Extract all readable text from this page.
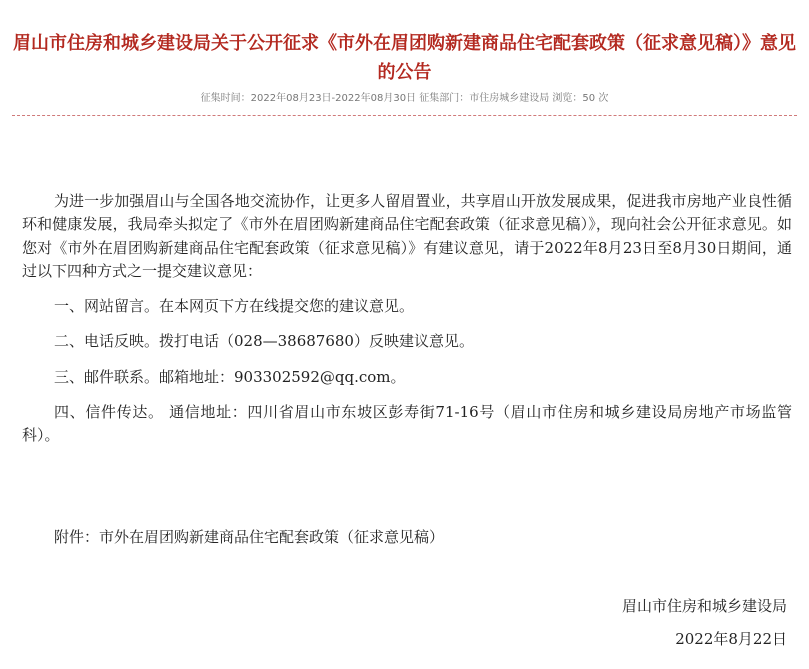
眉山市住房和城乡建设局关于公开征求《市外在眉团购新建商品住宅配套政策（征求意见稿）》意见的公告
征集时间：2022年08月23日-2022年08月30日 征集部门：市住房城乡建设局 浏览：50 次

为进一步加强眉山与全国各地交流协作，让更多人留眉置业，共享眉山开放发展成果，促进我市房地产业良性循环和健康发展，我局牵头拟定了《市外在眉团购新建商品住宅配套政策（征求意见稿）》，现向社会公开征求意见。如您对《市外在眉团购新建商品住宅配套政策（征求意见稿）》有建议意见，请于2022年8月23日至8月30日期间，通过以下四种方式之一提交建议意见：

一、网站留言。在本网页下方在线提交您的建议意见。

二、电话反映。拨打电话（028—38687680）反映建议意见。

三、邮件联系。邮箱地址：903302592@qq.com。

四、信件传达。 通信地址：四川省眉山市东坡区彭寿街71-16号（眉山市住房和城乡建设局房地产市场监管科）。

附件：市外在眉团购新建商品住宅配套政策（征求意见稿）

眉山市住房和城乡建设局
2022年8月22日
